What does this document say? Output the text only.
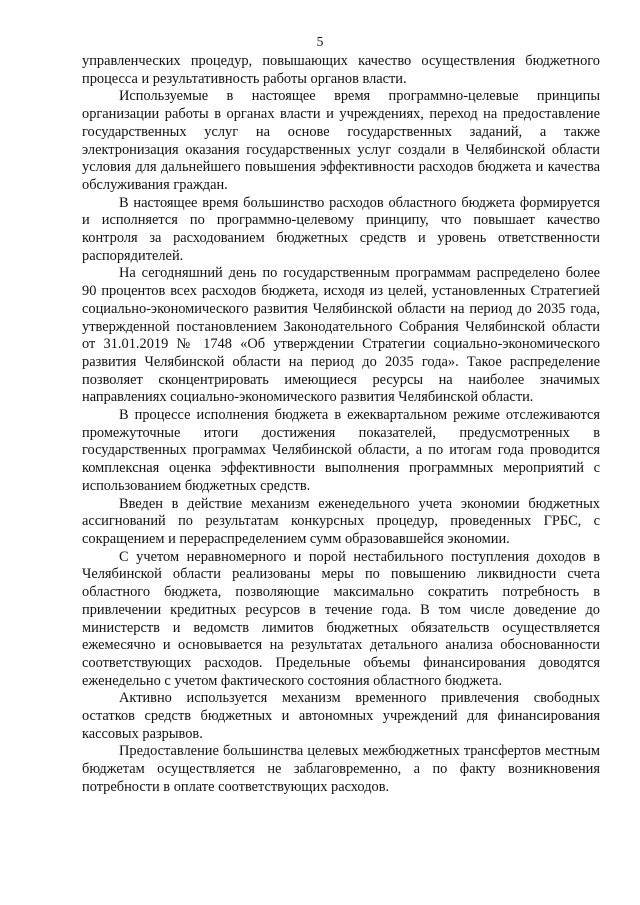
5

управленческих процедур, повышающих качество осуществления бюджетного процесса и результативность работы органов власти.

Используемые в настоящее время программно-целевые принципы организации работы в органах власти и учреждениях, переход на предоставление государственных услуг на основе государственных заданий, а также электронизация оказания государственных услуг создали в Челябинской области условия для дальнейшего повышения эффективности расходов бюджета и качества обслуживания граждан.

В настоящее время большинство расходов областного бюджета формируется и исполняется по программно-целевому принципу, что повышает качество контроля за расходованием бюджетных средств и уровень ответственности распорядителей.

На сегодняшний день по государственным программам распределено более 90 процентов всех расходов бюджета, исходя из целей, установленных Стратегией социально-экономического развития Челябинской области на период до 2035 года, утвержденной постановлением Законодательного Собрания Челябинской области от 31.01.2019 № 1748 «Об утверждении Стратегии социально-экономического развития Челябинской области на период до 2035 года». Такое распределение позволяет сконцентрировать имеющиеся ресурсы на наиболее значимых направлениях социально-экономического развития Челябинской области.

В процессе исполнения бюджета в ежеквартальном режиме отслеживаются промежуточные итоги достижения показателей, предусмотренных в государственных программах Челябинской области, а по итогам года проводится комплексная оценка эффективности выполнения программных мероприятий с использованием бюджетных средств.

Введен в действие механизм еженедельного учета экономии бюджетных ассигнований по результатам конкурсных процедур, проведенных ГРБС, с сокращением и перераспределением сумм образовавшейся экономии.

С учетом неравномерного и порой нестабильного поступления доходов в Челябинской области реализованы меры по повышению ликвидности счета областного бюджета, позволяющие максимально сократить потребность в привлечении кредитных ресурсов в течение года. В том числе доведение до министерств и ведомств лимитов бюджетных обязательств осуществляется ежемесячно и основывается на результатах детального анализа обоснованности соответствующих расходов. Предельные объемы финансирования доводятся еженедельно с учетом фактического состояния областного бюджета.

Активно используется механизм временного привлечения свободных остатков средств бюджетных и автономных учреждений для финансирования кассовых разрывов.

Предоставление большинства целевых межбюджетных трансфертов местным бюджетам осуществляется не заблаговременно, а по факту возникновения потребности в оплате соответствующих расходов.
